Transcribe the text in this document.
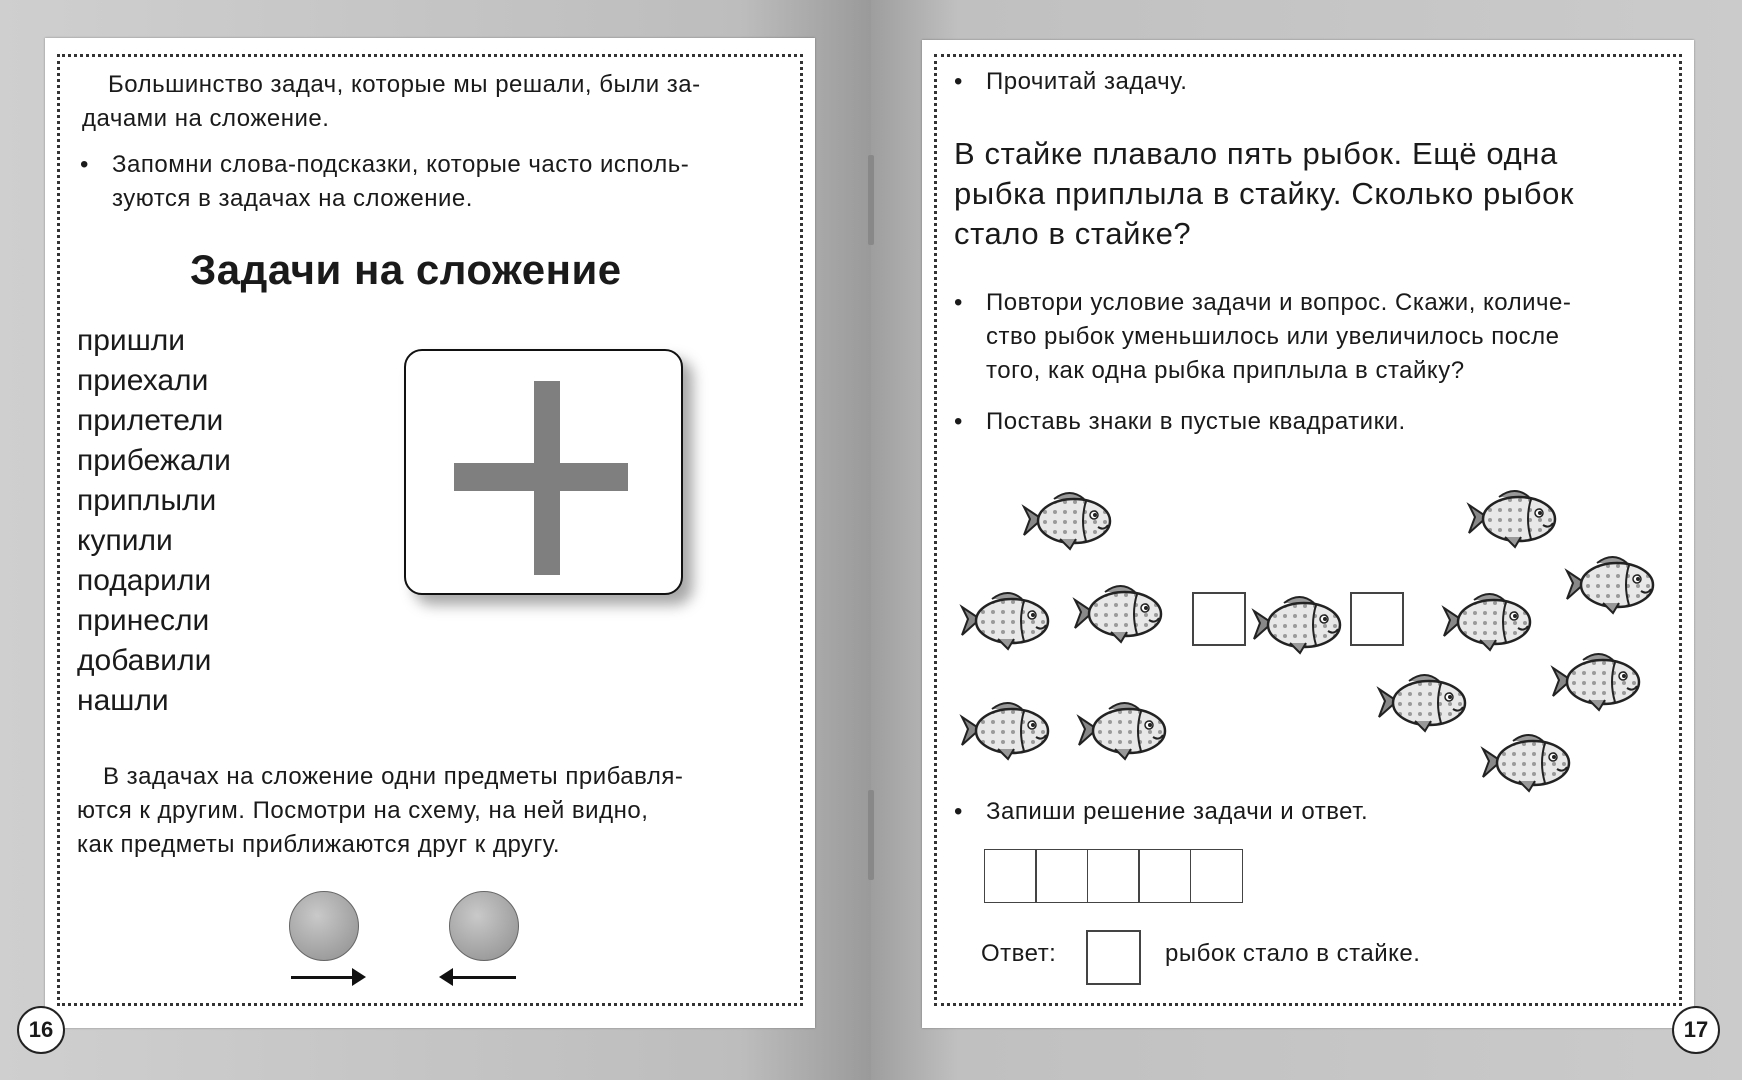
Большинство задач, которые мы решали, были за-
дачами на сложение.
• Запомни слова-подсказки, которые часто исполь-
зуются в задачах на сложение.
Задачи на сложение
пришли
приехали
прилетели
прибежали
приплыли
купили
подарили
принесли
добавили
нашли
В задачах на сложение одни предметы прибавля-
ются к другим. Посмотри на схему, на ней видно,
как предметы приближаются друг к другу.
16
• Прочитай задачу.
В стайке плавало пять рыбок. Ещё одна
рыбка приплыла в стайку. Сколько рыбок
стало в стайке?
• Повтори условие задачи и вопрос. Скажи, количе-
ство рыбок уменьшилось или увеличилось после
того, как одна рыбка приплыла в стайку?
• Поставь знаки в пустые квадратики.
• Запиши решение задачи и ответ.
Ответ:	рыбок стало в стайке.
17
